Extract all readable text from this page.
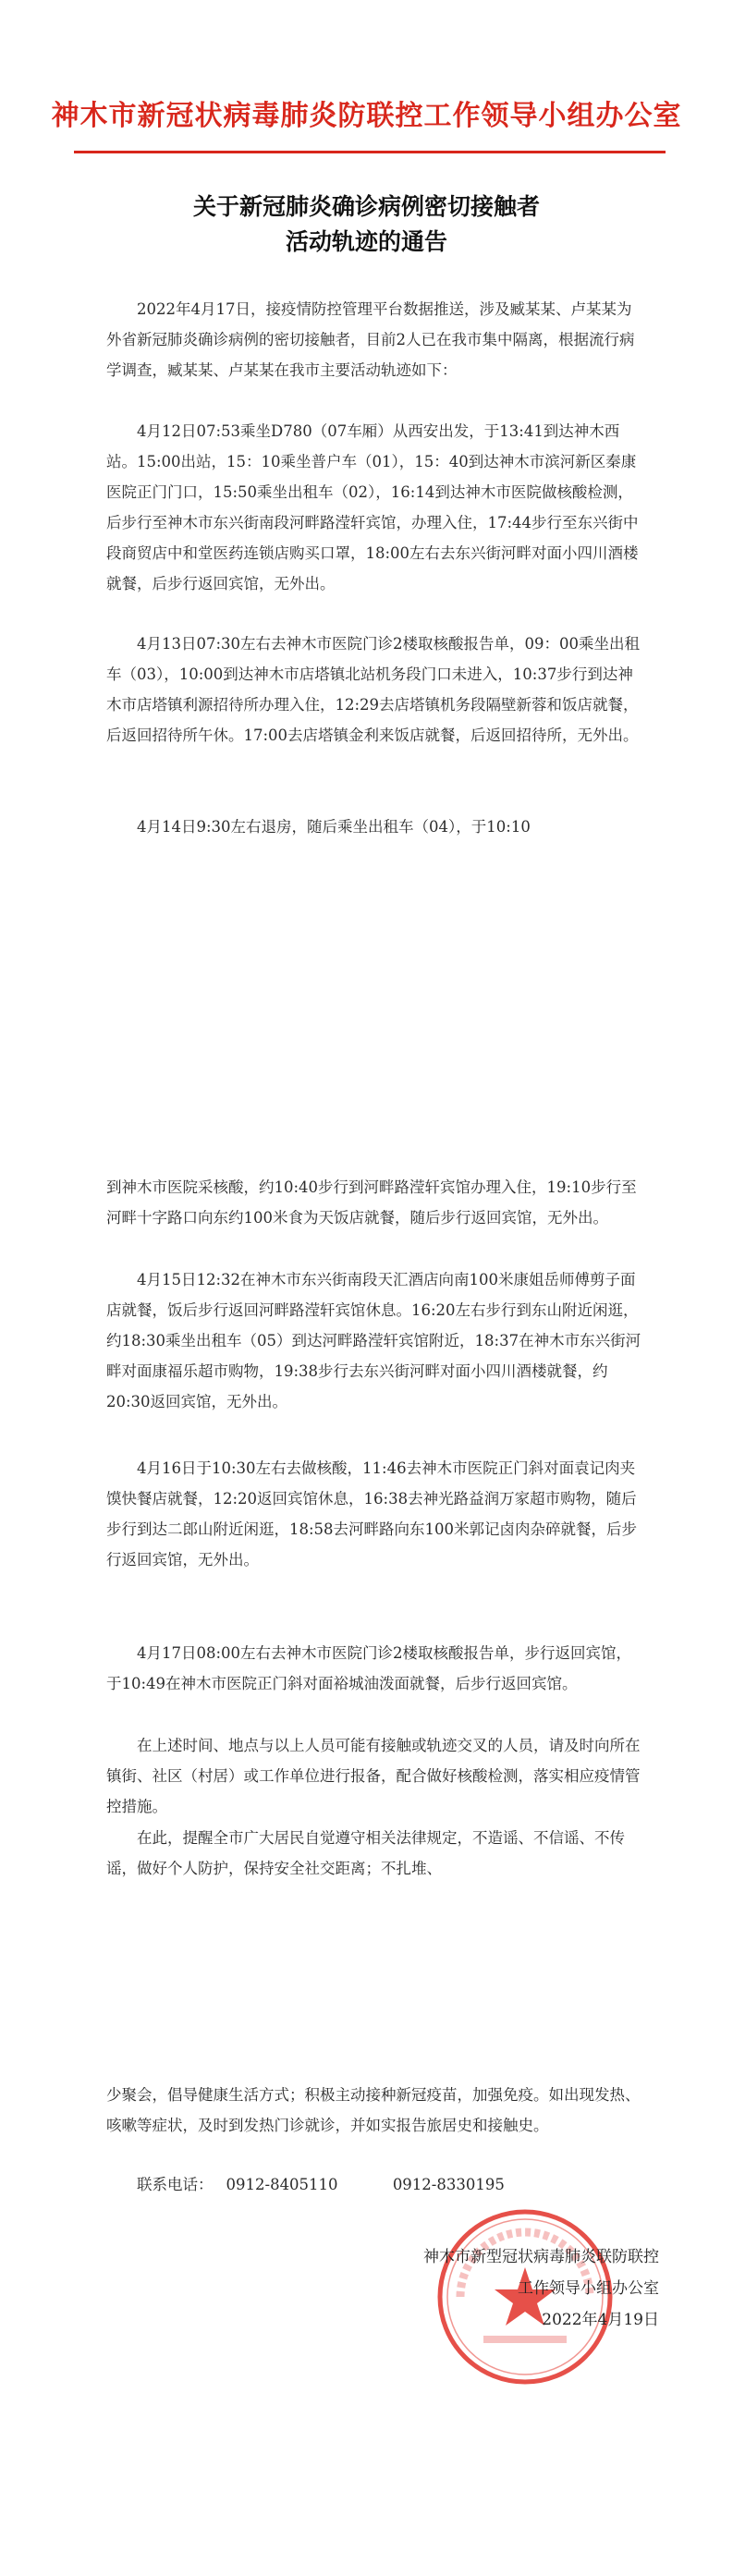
神木市新冠状病毒肺炎防联控工作领导小组办公室
关于新冠肺炎确诊病例密切接触者
活动轨迹的通告

2022年4月17日，接疫情防控管理平台数据推送，涉及臧某某、卢某某为外省新冠肺炎确诊病例的密切接触者，目前2人已在我市集中隔离，根据流行病学调查，臧某某、卢某某在我市主要活动轨迹如下：

4月12日07:53乘坐D780（07车厢）从西安出发，于13:41到达神木西站。15:00出站，15：10乘坐普户车（01），15：40到达神木市滨河新区秦康医院正门门口，15:50乘坐出租车（02），16:14到达神木市医院做核酸检测，后步行至神木市东兴街南段河畔路滢轩宾馆，办理入住，17:44步行至东兴街中段商贸店中和堂医药连锁店购买口罩，18:00左右去东兴街河畔对面小四川酒楼就餐，后步行返回宾馆，无外出。

4月13日07:30左右去神木市医院门诊2楼取核酸报告单，09：00乘坐出租车（03），10:00到达神木市店塔镇北站机务段门口未进入，10:37步行到达神木市店塔镇利源招待所办理入住，12:29去店塔镇机务段隔壁新蓉和饭店就餐，后返回招待所午休。17:00去店塔镇金利来饭店就餐，后返回招待所，无外出。

4月14日9:30左右退房，随后乘坐出租车（04），于10:10

到神木市医院采核酸，约10:40步行到河畔路滢轩宾馆办理入住，19:10步行至河畔十字路口向东约100米食为天饭店就餐，随后步行返回宾馆，无外出。

4月15日12:32在神木市东兴街南段天汇酒店向南100米康姐岳师傅剪子面店就餐，饭后步行返回河畔路滢轩宾馆休息。16:20左右步行到东山附近闲逛，约18:30乘坐出租车（05）到达河畔路滢轩宾馆附近，18:37在神木市东兴街河畔对面康福乐超市购物，19:38步行去东兴街河畔对面小四川酒楼就餐，约20:30返回宾馆，无外出。

4月16日于10:30左右去做核酸，11:46去神木市医院正门斜对面袁记肉夹馍快餐店就餐，12:20返回宾馆休息，16:38去神光路益润万家超市购物，随后步行到达二郎山附近闲逛，18:58去河畔路向东100米郭记卤肉杂碎就餐，后步行返回宾馆，无外出。

4月17日08:00左右去神木市医院门诊2楼取核酸报告单，步行返回宾馆，于10:49在神木市医院正门斜对面裕城油泼面就餐，后步行返回宾馆。

在上述时间、地点与以上人员可能有接触或轨迹交叉的人员，请及时向所在镇街、社区（村居）或工作单位进行报备，配合做好核酸检测，落实相应疫情管控措施。

在此，提醒全市广大居民自觉遵守相关法律规定，不造谣、不信谣、不传谣，做好个人防护，保持安全社交距离；不扎堆、

少聚会，倡导健康生活方式；积极主动接种新冠疫苗，加强免疫。如出现发热、咳嗽等症状，及时到发热门诊就诊，并如实报告旅居史和接触史。

联系电话： 0912-8405110	0912-8330195
神木市新型冠状病毒肺炎联防联控
工作领导小组办公室
2022年4月19日
